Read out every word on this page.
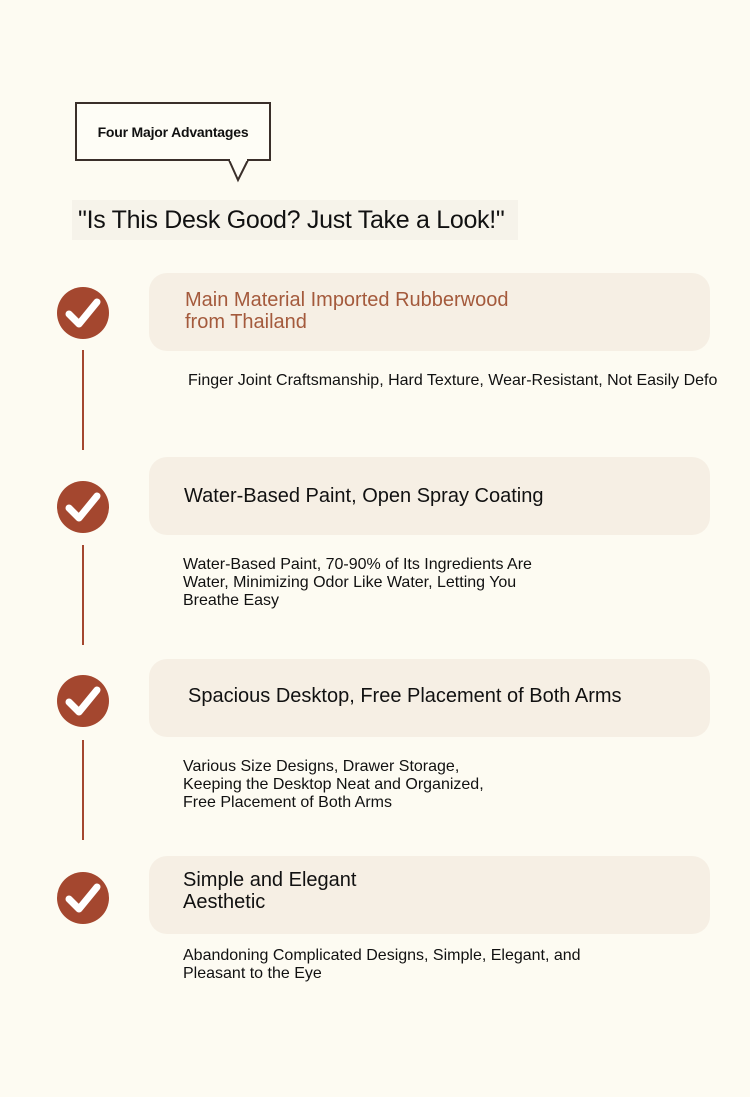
Four Major Advantages
"Is This Desk Good? Just Take a Look!"
Main Material Imported Rubberwood
from Thailand
Finger Joint Craftsmanship, Hard Texture, Wear-Resistant, Not Easily Defo
Water-Based Paint, Open Spray Coating
Water-Based Paint, 70-90% of Its Ingredients Are
Water, Minimizing Odor Like Water, Letting You
Breathe Easy
Spacious Desktop, Free Placement of Both Arms
Various Size Designs, Drawer Storage,
Keeping the Desktop Neat and Organized,
Free Placement of Both Arms
Simple and Elegant
Aesthetic
Abandoning Complicated Designs, Simple, Elegant, and
Pleasant to the Eye
